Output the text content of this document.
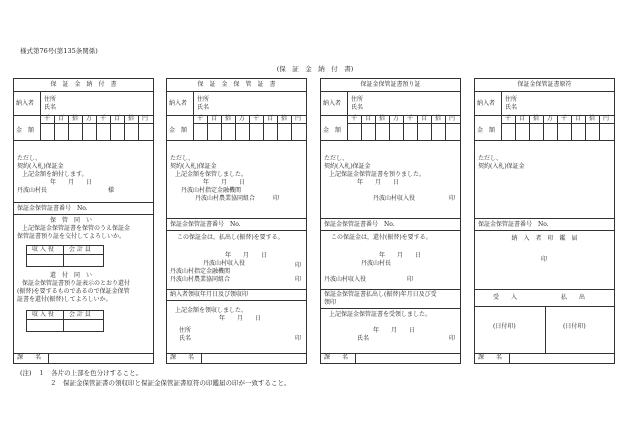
様式第76号(第135条関係)
(保　証　金　納　付　書)
保　証　金　納　付　書
納入者
住所
氏名
金　額
千 百 拾 万 千 百 拾 円
ただし、
契約(入札)保証金
上記金額を納付します。
年　　月　　日
丹波山村長	様
保証金保管証書番号　No.
保　管　同　い
上記保証金保管証書を保管のうえ保証金
保管証書預り証を交付してよろしいか。
収 入 役	会 計 員
還　付　同　い
保証金保管証書預り証表示のとおり還付
(振替)を要するものであるので保証金保管
証書を還付(振替)してよろしいか。
収 入 役	会 計 員
課　　名
保　証　金　保　管　証　書
納入者
住所
氏名
金　額
千 百 拾 万 千 百 拾 円
ただし、
契約(入札)保証金
上記金額を保管しました。
年　　月　　日
丹波山村指定金融機関
丹波山村農業協同組合	印
保証金保管証書番号　No.
この保証金は，払出し(振替)を要する。
年　　月　　日
丹波山村収入役	印
丹波山村指定金融機関
丹波山村農業協同組合	印
納入者領収年月日及び領収印
上記金額を領収しました。
年　　月　　日
住所
氏名	印
課　　名
保証金保管証書預り証
納入者
住所
氏名
金　額
千 百 拾 万 千 百 拾 円
ただし、
契約(入札)保証金
上記保証金保管証書を預りました。
年　　月　　日
丹波山村収入役	印
保証金保管証書番号　No.
この保証金は，還付(振替)を要する。
年　　月　　日
丹波山村長
丹波山村収入役	印
保証金保管証書払出し(振替)年月日及び受
領印
上記保証金保管証書を受領しました。
年　　月　　日
氏名	印
課　　名
保証金保管証書原符
納入者
住所
氏名
金　額
千 百 拾 万 千 百 拾 円
ただし、
契約(入札)保証金
保証金保管証書番号　No.
納　入　者　印　鑑　届
印
受　　入	払　　出
(日付印)	(日付印)
課　　名
(注)　１　各片の上部を色分けすること。
２　保証金保管証書の領収印と保証金保管証書原符の印鑑届の印が一致すること。
